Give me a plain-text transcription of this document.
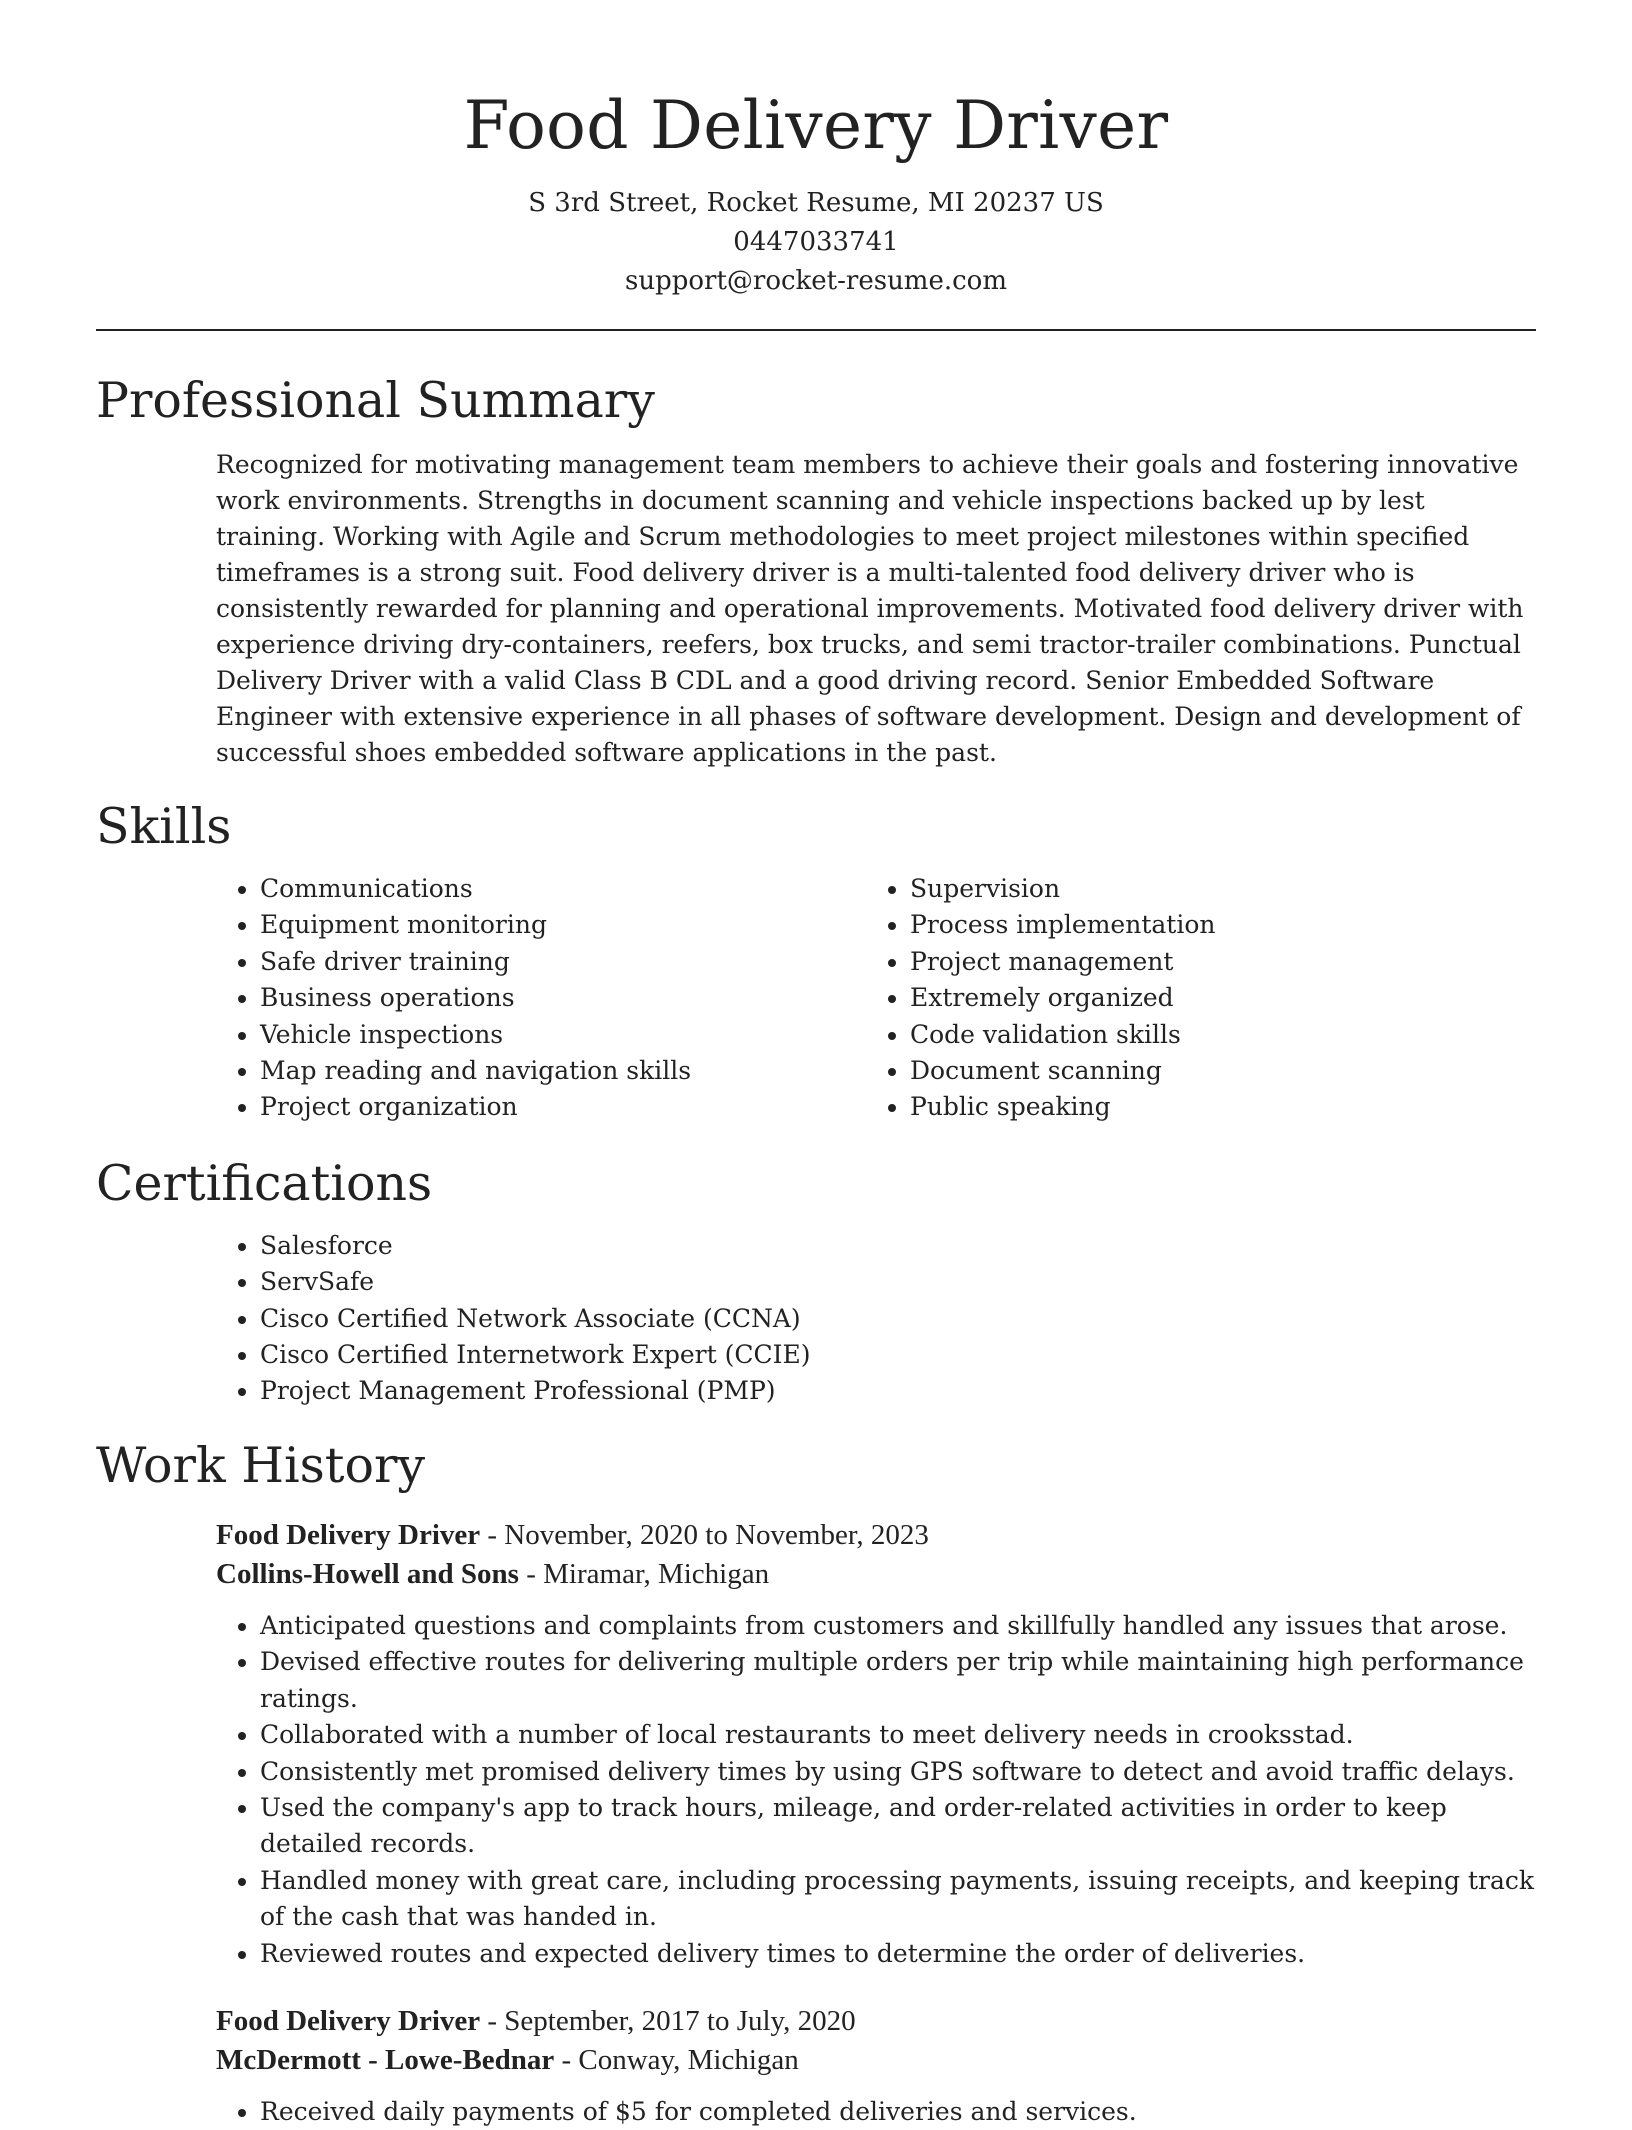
Food Delivery Driver
S 3rd Street, Rocket Resume, MI 20237 US
0447033741
support@rocket-resume.com
Professional Summary
Recognized for motivating management team members to achieve their goals and fostering innovative work environments. Strengths in document scanning and vehicle inspections backed up by lest training. Working with Agile and Scrum methodologies to meet project milestones within specified timeframes is a strong suit. Food delivery driver is a multi-talented food delivery driver who is consistently rewarded for planning and operational improvements. Motivated food delivery driver with experience driving dry-containers, reefers, box trucks, and semi tractor-trailer combinations. Punctual Delivery Driver with a valid Class B CDL and a good driving record. Senior Embedded Software Engineer with extensive experience in all phases of software development. Design and development of successful shoes embedded software applications in the past.
Skills
• Communications
• Equipment monitoring
• Safe driver training
• Business operations
• Vehicle inspections
• Map reading and navigation skills
• Project organization
• Supervision
• Process implementation
• Project management
• Extremely organized
• Code validation skills
• Document scanning
• Public speaking
Certifications
• Salesforce
• ServSafe
• Cisco Certified Network Associate (CCNA)
• Cisco Certified Internetwork Expert (CCIE)
• Project Management Professional (PMP)
Work History
Food Delivery Driver - November, 2020 to November, 2023
Collins-Howell and Sons - Miramar, Michigan
• Anticipated questions and complaints from customers and skillfully handled any issues that arose.
• Devised effective routes for delivering multiple orders per trip while maintaining high performance ratings.
• Collaborated with a number of local restaurants to meet delivery needs in crooksstad.
• Consistently met promised delivery times by using GPS software to detect and avoid traffic delays.
• Used the company's app to track hours, mileage, and order-related activities in order to keep detailed records.
• Handled money with great care, including processing payments, issuing receipts, and keeping track of the cash that was handed in.
• Reviewed routes and expected delivery times to determine the order of deliveries.
Food Delivery Driver - September, 2017 to July, 2020
McDermott - Lowe-Bednar - Conway, Michigan
• Received daily payments of $5 for completed deliveries and services.
